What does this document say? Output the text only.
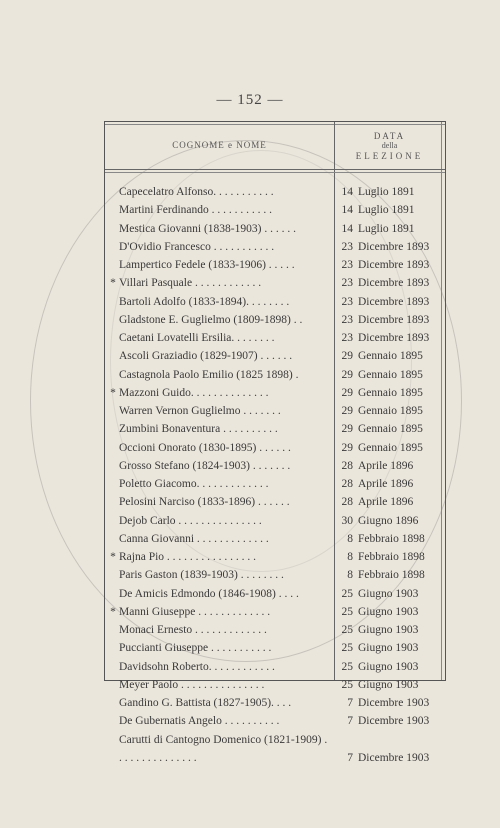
— 152 —
COGNOME e NOME
DATA
della
ELEZIONE
Capecelatro Alfonso. . . . . . . . . . .	14 Luglio 1891
Martini Ferdinando . . . . . . . . . . .	14 Luglio 1891
Mestica Giovanni (1838-1903) . . . . . .	14 Luglio 1891
D'Ovidio Francesco . . . . . . . . . . .	23 Dicembre 1893
Lampertico Fedele (1833-1906) . . . . .	23 Dicembre 1893
* Villari Pasquale . . . . . . . . . . . .	23 Dicembre 1893
Bartoli Adolfo (1833-1894). . . . . . . .	23 Dicembre 1893
Gladstone E. Guglielmo (1809-1898) . .	23 Dicembre 1893
Caetani Lovatelli Ersilia. . . . . . . .	23 Dicembre 1893
Ascoli Graziadio (1829-1907) . . . . . .	29 Gennaio 1895
Castagnola Paolo Emilio (1825 1898) .	29 Gennaio 1895
* Mazzoni Guido. . . . . . . . . . . . . .	29 Gennaio 1895
Warren Vernon Guglielmo . . . . . . .	29 Gennaio 1895
Zumbini Bonaventura . . . . . . . . . .	29 Gennaio 1895
Occioni Onorato (1830-1895) . . . . . .	29 Gennaio 1895
Grosso Stefano (1824-1903) . . . . . . .	28 Aprile 1896
Poletto Giacomo. . . . . . . . . . . . .	28 Aprile 1896
Pelosini Narciso (1833-1896) . . . . . .	28 Aprile 1896
Dejob Carlo . . . . . . . . . . . . . . .	30 Giugno 1896
Canna Giovanni . . . . . . . . . . . . .	8 Febbraio 1898
* Rajna Pio . . . . . . . . . . . . . . . .	8 Febbraio 1898
Paris Gaston (1839-1903) . . . . . . . .	8 Febbraio 1898
De Amicis Edmondo (1846-1908) . . . .	25 Giugno 1903
* Manni Giuseppe . . . . . . . . . . . . .	25 Giugno 1903
Monaci Ernesto . . . . . . . . . . . . .	25 Giugno 1903
Puccianti Giuseppe . . . . . . . . . . .	25 Giugno 1903
Davidsohn Roberto. . . . . . . . . . . .	25 Giugno 1903
Meyer Paolo . . . . . . . . . . . . . . .	25 Giugno 1903
Gandino G. Battista (1827-1905). . . .	7 Dicembre 1903
De Gubernatis Angelo . . . . . . . . . .	7 Dicembre 1903
Carutti di Cantogno Domenico (1821-1909) . . . . . . . . . . . . . . .	7 Dicembre 1903
